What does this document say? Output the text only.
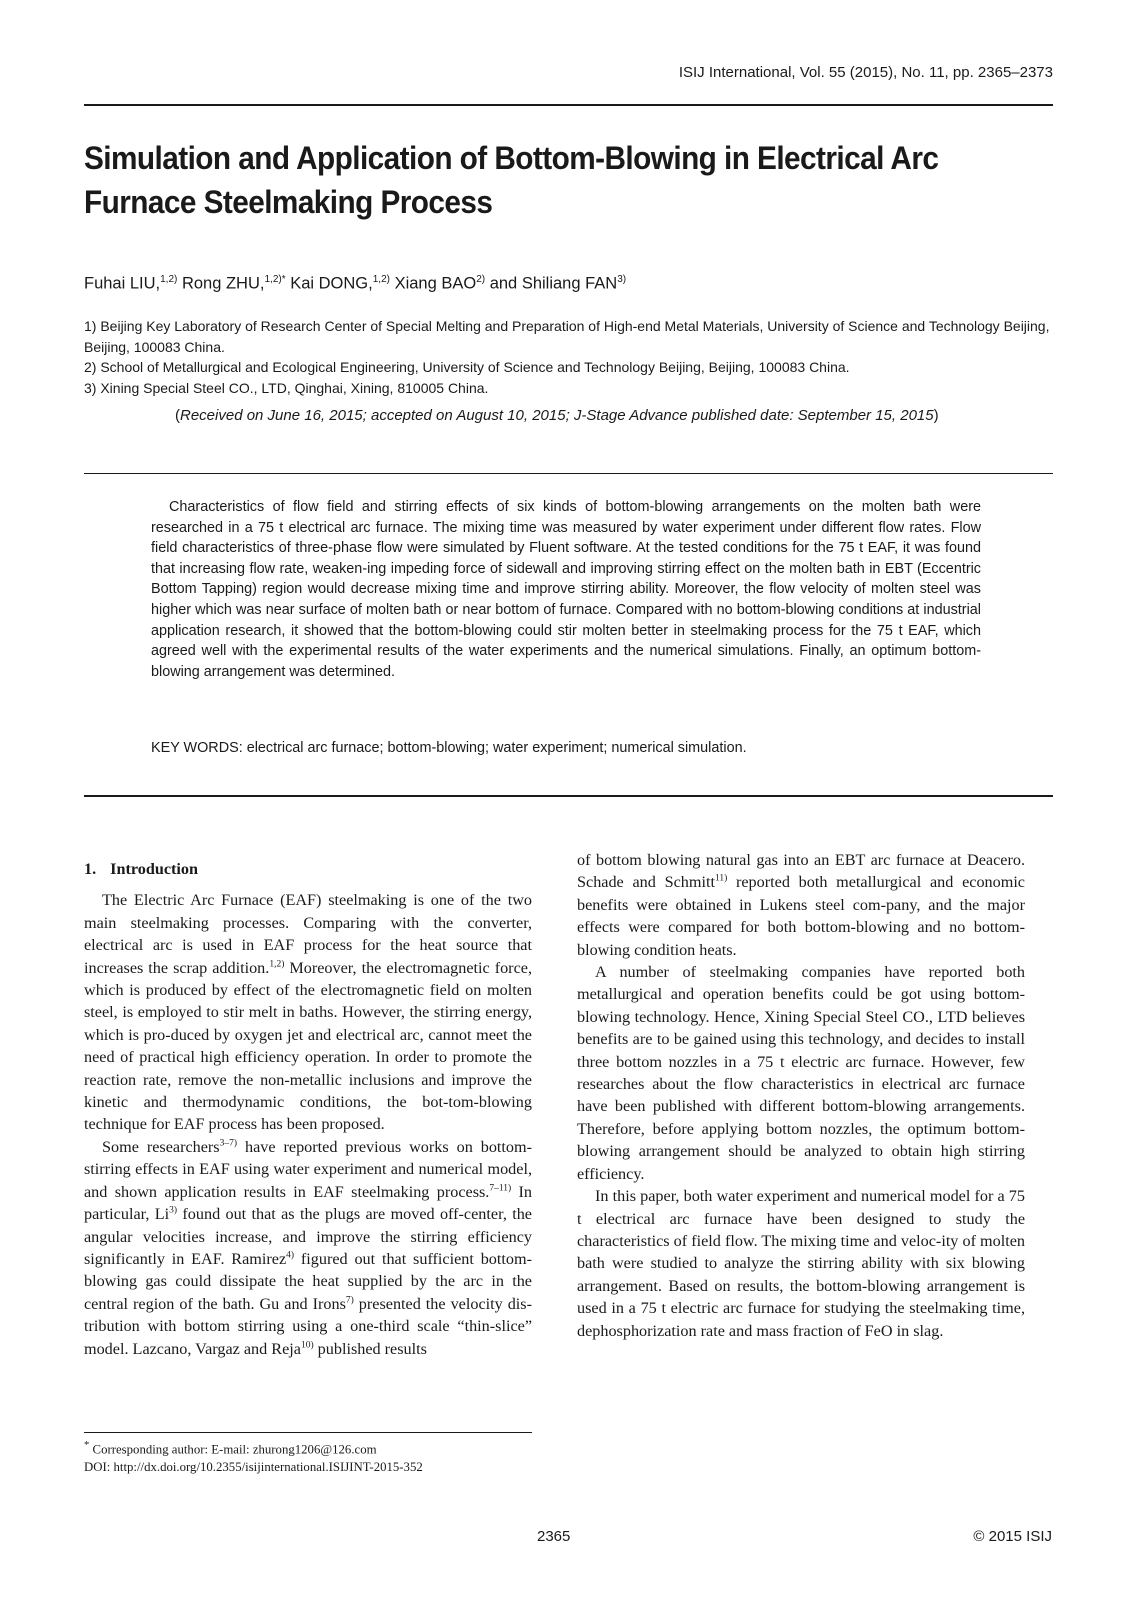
ISIJ International, Vol. 55 (2015), No. 11, pp. 2365–2373
Simulation and Application of Bottom-Blowing in Electrical Arc
Furnace Steelmaking Process
Fuhai LIU,$^{1,2)}$ Rong ZHU,$^{1,2)*}$ Kai DONG,$^{1,2)}$ Xiang BAO$^{2)}$ and Shiliang FAN$^{3)}$
1) Beijing Key Laboratory of Research Center of Special Melting and Preparation of High-end Metal Materials, University of Science and Technology Beijing, Beijing, 100083 China.
2) School of Metallurgical and Ecological Engineering, University of Science and Technology Beijing, Beijing, 100083 China.
3) Xining Special Steel CO., LTD, Qinghai, Xining, 810005 China.
(Received on June 16, 2015; accepted on August 10, 2015; J-Stage Advance published date: September 15, 2015)

Characteristics of flow field and stirring effects of six kinds of bottom-blowing arrangements on the molten bath were researched in a 75 t electrical arc furnace. The mixing time was measured by water experiment under different flow rates. Flow field characteristics of three-phase flow were simulated by Fluent software. At the tested conditions for the 75 t EAF, it was found that increasing flow rate, weaken-ing impeding force of sidewall and improving stirring effect on the molten bath in EBT (Eccentric Bottom Tapping) region would decrease mixing time and improve stirring ability. Moreover, the flow velocity of molten steel was higher which was near surface of molten bath or near bottom of furnace. Compared with no bottom-blowing conditions at industrial application research, it showed that the bottom-blowing could stir molten better in steelmaking process for the 75 t EAF, which agreed well with the experimental results of the water experiments and the numerical simulations. Finally, an optimum bottom-blowing arrangement was determined.

KEY WORDS: electrical arc furnace; bottom-blowing; water experiment; numerical simulation.
1. Introduction

The Electric Arc Furnace (EAF) steelmaking is one of the two main steelmaking processes. Comparing with the converter, electrical arc is used in EAF process for the heat source that increases the scrap addition.$^{1,2)}$ Moreover, the electromagnetic force, which is produced by effect of the electromagnetic field on molten steel, is employed to stir melt in baths. However, the stirring energy, which is pro-duced by oxygen jet and electrical arc, cannot meet the need of practical high efficiency operation. In order to promote the reaction rate, remove the non-metallic inclusions and improve the kinetic and thermodynamic conditions, the bot-tom-blowing technique for EAF process has been proposed.

Some researchers$^{3-7)}$ have reported previous works on bottom-stirring effects in EAF using water experiment and numerical model, and shown application results in EAF steelmaking process.$^{7-11)}$ In particular, Li$^{3)}$ found out that as the plugs are moved off-center, the angular velocities increase, and improve the stirring efficiency significantly in EAF. Ramirez$^{4)}$ figured out that sufficient bottom-blowing gas could dissipate the heat supplied by the arc in the central region of the bath. Gu and Irons$^{7)}$ presented the velocity dis-tribution with bottom stirring using a one-third scale “thin-slice” model. Lazcano, Vargaz and Reja$^{10)}$ published results

of bottom blowing natural gas into an EBT arc furnace at Deacero. Schade and Schmitt$^{11)}$ reported both metallurgical and economic benefits were obtained in Lukens steel com-pany, and the major effects were compared for both bottom-blowing and no bottom-blowing condition heats.

A number of steelmaking companies have reported both metallurgical and operation benefits could be got using bottom-blowing technology. Hence, Xining Special Steel CO., LTD believes benefits are to be gained using this technology, and decides to install three bottom nozzles in a 75 t electric arc furnace. However, few researches about the flow characteristics in electrical arc furnace have been published with different bottom-blowing arrangements. Therefore, before applying bottom nozzles, the optimum bottom-blowing arrangement should be analyzed to obtain high stirring efficiency.

In this paper, both water experiment and numerical model for a 75 t electrical arc furnace have been designed to study the characteristics of field flow. The mixing time and veloc-ity of molten bath were studied to analyze the stirring ability with six blowing arrangement. Based on results, the bottom-blowing arrangement is used in a 75 t electric arc furnace for studying the steelmaking time, dephosphorization rate and mass fraction of FeO in slag.

* Corresponding author: E-mail: zhurong1206@126.com
DOI: http://dx.doi.org/10.2355/isijinternational.ISIJINT-2015-352
2365	© 2015 ISIJ
